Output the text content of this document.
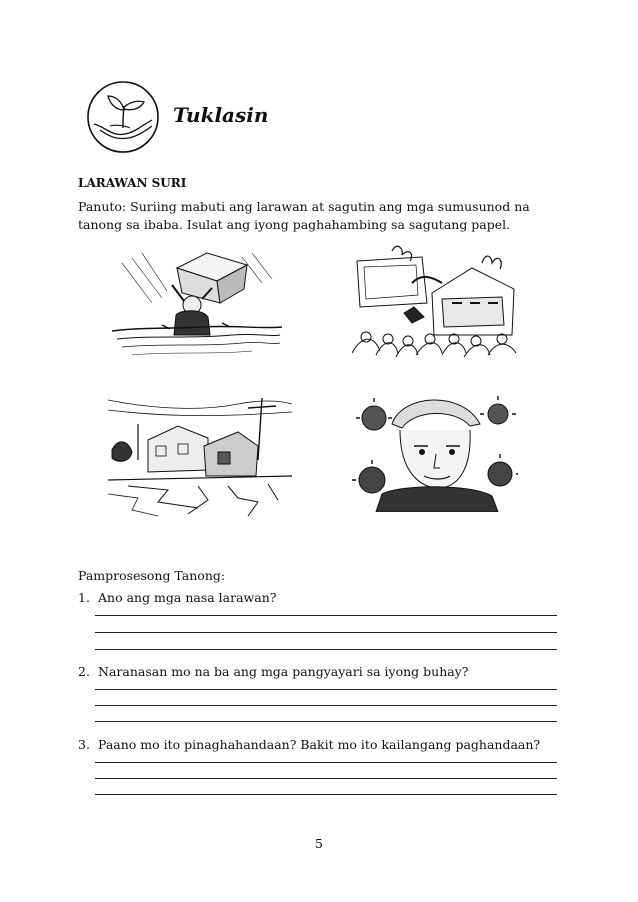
Tuklasin
LARAWAN SURI
Panuto: Suriing mabuti ang larawan at sagutin ang mga sumusunod na tanong sa ibaba. Isulat ang iyong paghahambing sa sagutang papel.
Pamprosesong Tanong:
1. Ano ang mga nasa larawan?
2. Naranasan mo na ba ang mga pangyayari sa iyong buhay?
3. Paano mo ito pinaghahandaan? Bakit mo ito kailangang paghandaan?
5
